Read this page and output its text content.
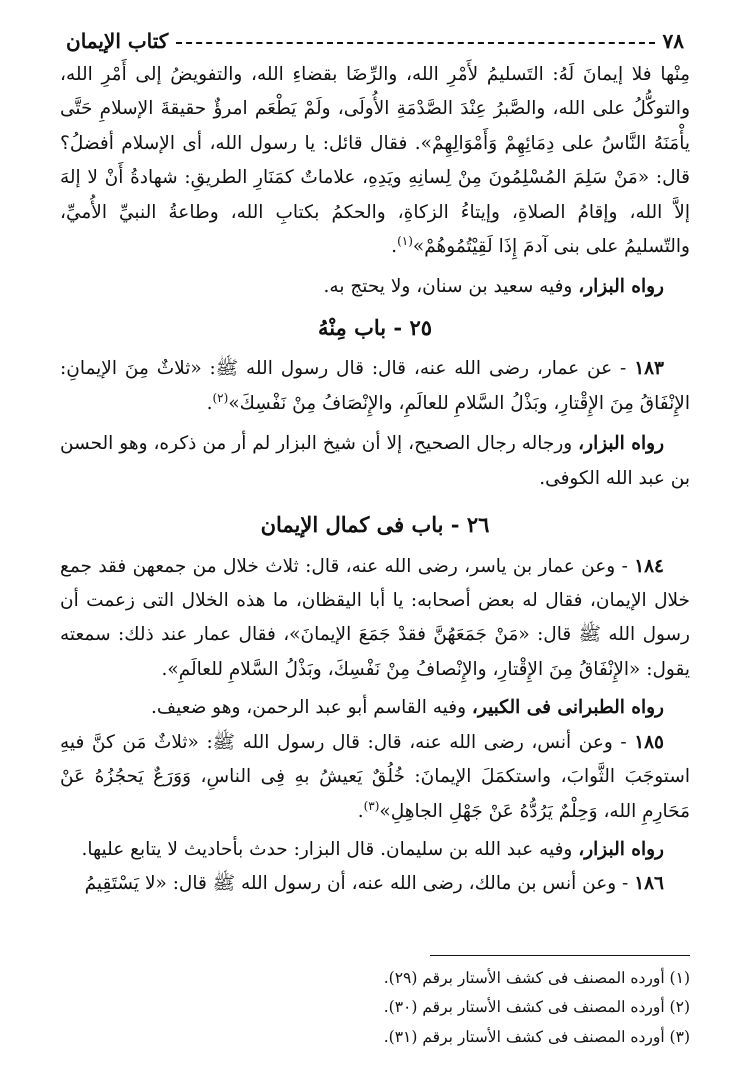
٧٨
كتاب الإيمان

مِنْها فلا إيمانَ لَهُ: التَسليمُ لأَمْرِ الله، والرِّضَا بقضاءِ الله، والتفويضُ إلى أَمْرِ الله، والتوكُّلُ على الله، والصَّبرُ عِنْدَ الصَّدْمَةِ الأُولَى، ولَمْ يَطْعَم امرؤٌ حقيقةَ الإسلامِ حَتَّى يأْمَنَهُ النَّاسُ على دِمَائِهِمْ وَأَمْوَالِهِمْ». فقال قائل: يا رسول الله، أى الإسلام أفضلُ؟ قال: «مَنْ سَلِمَ المُسْلِمُونَ مِنْ لِسانِهِ ويَدِهِ، علاماتٌ كمَنَارِ الطريقِ: شهادةُ أَنْ لا إلهَ إلاَّ الله، وإقامُ الصلاةِ، وإيتاءُ الزكاةِ، والحكمُ بكتابِ الله، وطاعةُ النبيِّ الأُميِّ، والتّسليمُ على بنى آدمَ إِذَا لَقِيْتُمُوهُمْ»$^{(١)}$.

رواه البزار، وفيه سعيد بن سنان، ولا يحتج به.

٢٥ - باب مِنْهُ

١٨٣ - عن عمار، رضى الله عنه، قال: قال رسول الله ﷺ: «ثلاثٌ مِنَ الإيمانِ: الإِنْفَاقُ مِنَ الإِقْتارِ، وبَذْلُ السَّلامِ للعالَمِ، والإِنْصَافُ مِنْ نَفْسِكَ»$^{(٢)}$.

رواه البزار، ورجاله رجال الصحيح، إلا أن شيخ البزار لم أر من ذكره، وهو الحسن بن عبد الله الكوفى.

٢٦ - باب فى كمال الإيمان

١٨٤ - وعن عمار بن ياسر، رضى الله عنه، قال: ثلاث خلال من جمعهن فقد جمع خلال الإيمان، فقال له بعض أصحابه: يا أبا اليقظان، ما هذه الخلال التى زعمت أن رسول الله ﷺ قال: «مَنْ جَمَعَهُنَّ فقدْ جَمَعَ الإيمانَ»، فقال عمار عند ذلك: سمعته يقول: «الإِنْفَاقُ مِنَ الإِقْتارِ، والإِنْصافُ مِنْ نَفْسِكَ، وبَذْلُ السَّلامِ للعالَمِ».

رواه الطبرانى فى الكبير، وفيه القاسم أبو عبد الرحمن، وهو ضعيف.

١٨٥ - وعن أنس، رضى الله عنه، قال: قال رسول الله ﷺ: «ثلاثٌ مَن كنَّ فيهِ استوجَبَ الثَّوابَ، واستكمَلَ الإيمانَ: خُلُقٌ يَعيشُ بهِ فِى الناسِ، وَوَرَعٌ يَحجُزُهُ عَنْ مَحَارِمِ الله، وَحِلْمٌ يَرُدُّهُ عَنْ جَهْلِ الجاهِلِ»$^{(٣)}$.

رواه البزار، وفيه عبد الله بن سليمان. قال البزار: حدث بأحاديث لا يتابع عليها.

١٨٦ - وعن أنس بن مالك، رضى الله عنه، أن رسول الله ﷺ قال: «لا يَسْتَقِيمُ

(١) أورده المصنف فى كشف الأستار برقم (٢٩).

(٢) أورده المصنف فى كشف الأستار برقم (٣٠).

(٣) أورده المصنف فى كشف الأستار برقم (٣١).
